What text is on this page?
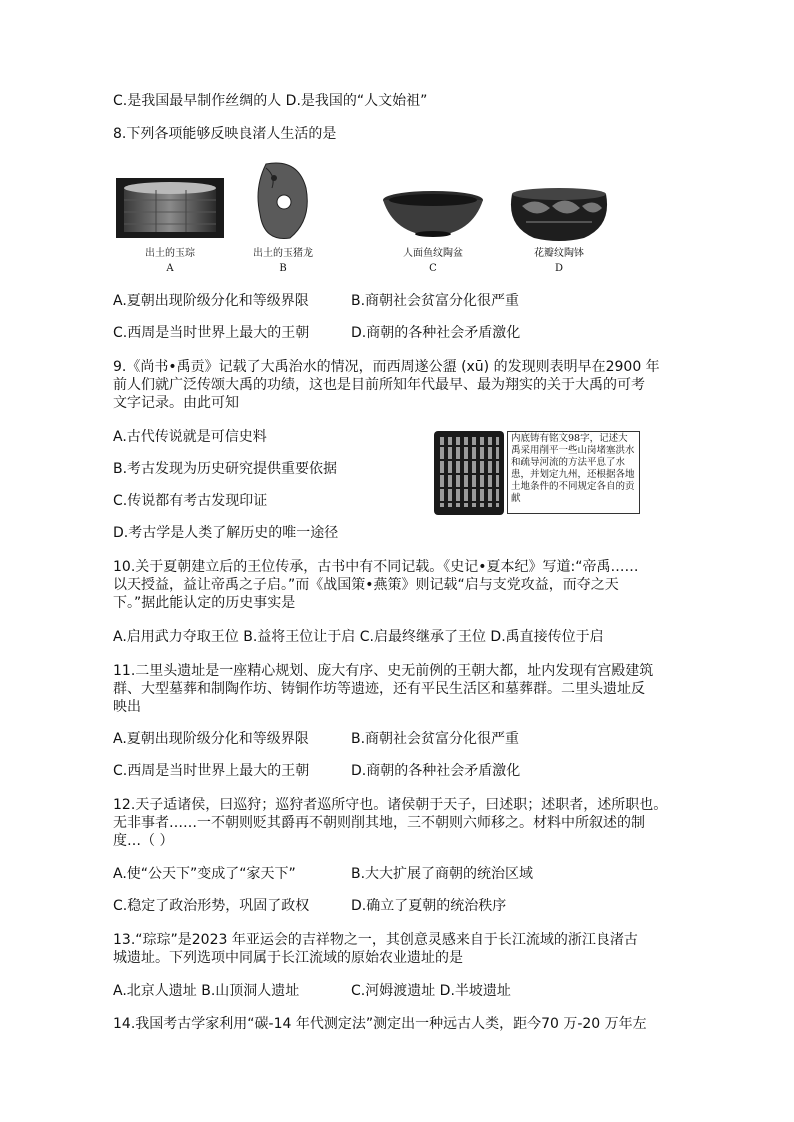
C.是我国最早制作丝绸的人 D.是我国的“人文始祖”
8.下列各项能够反映良渚人生活的是
出土的玉琮
A
出土的玉猪龙
B
人面鱼纹陶盆
C
花瓣纹陶钵
D
A.夏朝出现阶级分化和等级界限	B.商朝社会贫富分化很严重
C.西周是当时世界上最大的王朝	D.商朝的各种社会矛盾激化
9.《尚书•禹贡》记载了大禹治水的情况，而西周遂公盨 (xū) 的发现则表明早在2900 年
前人们就广泛传颂大禹的功绩，这也是目前所知年代最早、最为翔实的关于大禹的可考
文字记录。由此可知
A.古代传说就是可信史料
B.考古发现为历史研究提供重要依据
C.传说都有考古发现印证
D.考古学是人类了解历史的唯一途径
内底铸有铭文98字，记述大禹采用削平一些山岗堵塞洪水和疏导河流的方法平息了水患，并划定九州，还根据各地土地条件的不同规定各自的贡献
10.关于夏朝建立后的王位传承，古书中有不同记载。《史记•夏本纪》写道:“帝禹……
以天授益，益让帝禹之子启。”而《战国策•燕策》则记载“启与支党攻益，而夺之天
下。”据此能认定的历史事实是
A.启用武力夺取王位 B.益将王位让于启 C.启最终继承了王位 D.禹直接传位于启
11.二里头遗址是一座精心规划、庞大有序、史无前例的王朝大都，址内发现有宫殿建筑
群、大型墓葬和制陶作坊、铸铜作坊等遗迹，还有平民生活区和墓葬群。二里头遗址反
映出
A.夏朝出现阶级分化和等级界限	B.商朝社会贫富分化很严重
C.西周是当时世界上最大的王朝	D.商朝的各种社会矛盾激化
12.天子适诸侯，曰巡狩；巡狩者巡所守也。诸侯朝于天子，曰述职；述职者，述所职也。
无非事者……一不朝则贬其爵再不朝则削其地，三不朝则六师移之。材料中所叙述的制
度…（ ）
A.使“公天下”变成了“家天下”	B.大大扩展了商朝的统治区域
C.稳定了政治形势，巩固了政权	D.确立了夏朝的统治秩序
13.“琮琮”是2023 年亚运会的吉祥物之一，其创意灵感来自于长江流域的浙江良渚古
城遗址。下列选项中同属于长江流域的原始农业遗址的是
A.北京人遗址 B.山顶洞人遗址	C.河姆渡遗址 D.半坡遗址
14.我国考古学家利用“碳-14 年代测定法”测定出一种远古人类，距今70 万-20 万年左
